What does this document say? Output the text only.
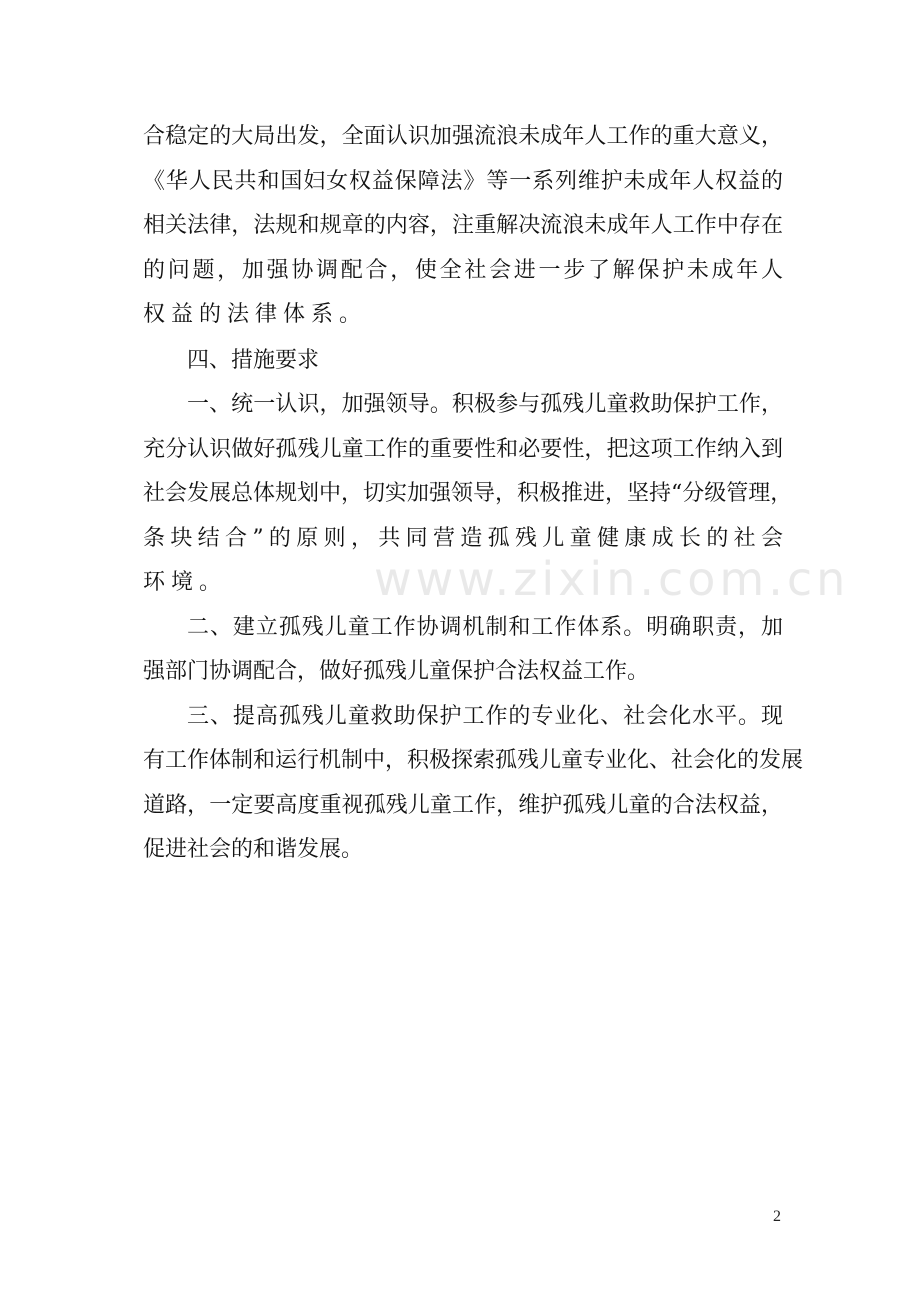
合稳定的大局出发，全面认识加强流浪未成年人工作的重大意义，
《华人民共和国妇女权益保障法》等一系列维护未成年人权益的
相关法律，法规和规章的内容，注重解决流浪未成年人工作中存在
的问题，加强协调配合，使全社会进一步了解保护未成年人
权益的法律体系。

四、措施要求

一、统一认识，加强领导。积极参与孤残儿童救助保护工作，
充分认识做好孤残儿童工作的重要性和必要性，把这项工作纳入到
社会发展总体规划中，切实加强领导，积极推进，坚持“分级管理，
条块结合”的原则，共同营造孤残儿童健康成长的社会
环境。

二、建立孤残儿童工作协调机制和工作体系。明确职责，加
强部门协调配合，做好孤残儿童保护合法权益工作。

三、提高孤残儿童救助保护工作的专业化、社会化水平。现
有工作体制和运行机制中，积极探索孤残儿童专业化、社会化的发展
道路，一定要高度重视孤残儿童工作，维护孤残儿童的合法权益，
促进社会的和谐发展。

www.zixin.com.cn
2
